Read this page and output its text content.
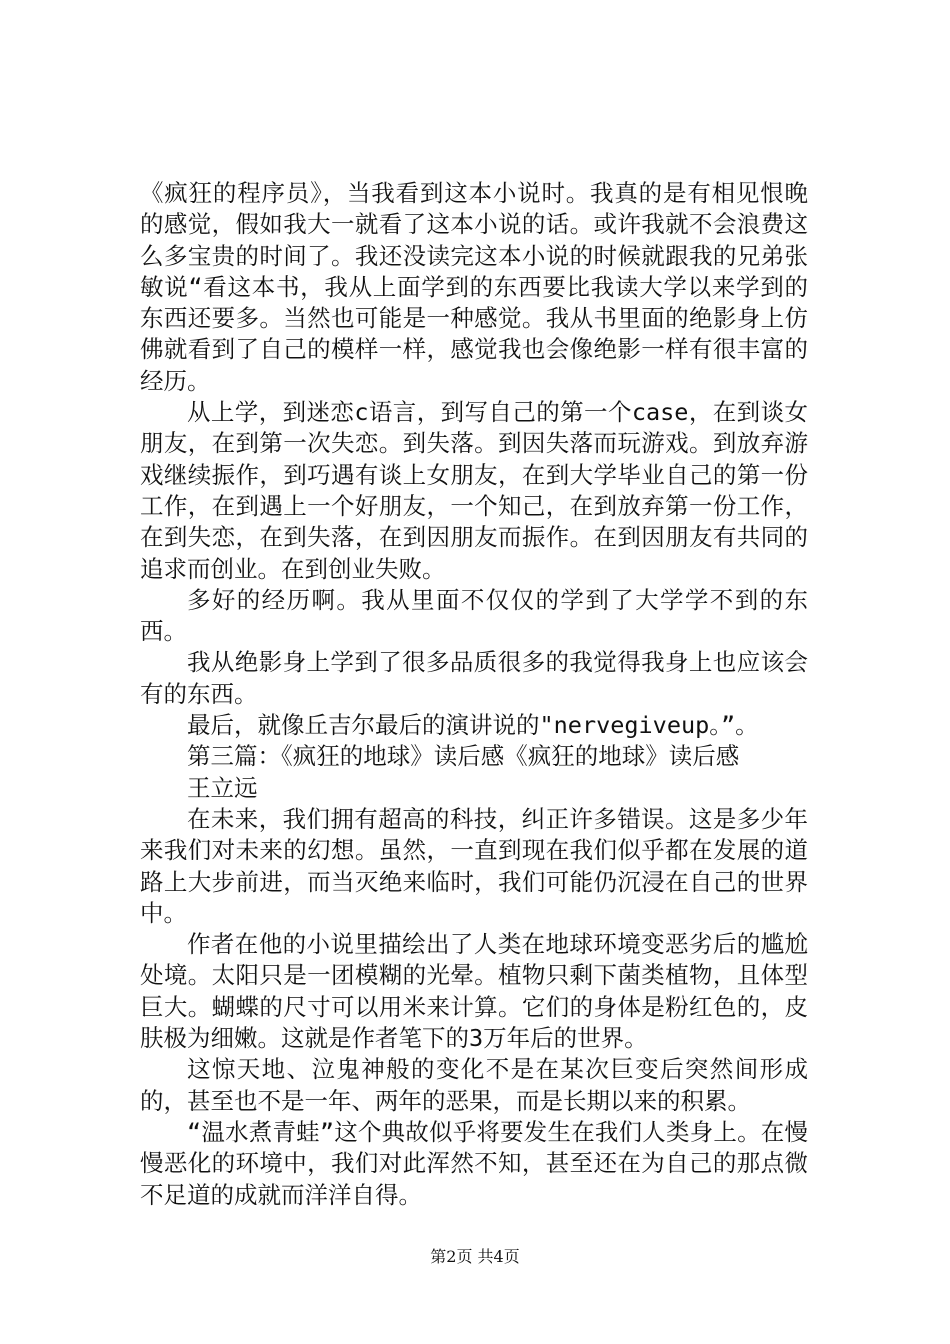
《疯狂的程序员》，当我看到这本小说时。我真的是有相见恨晚的感觉，假如我大一就看了这本小说的话。或许我就不会浪费这么多宝贵的时间了。我还没读完这本小说的时候就跟我的兄弟张敏说“看这本书，我从上面学到的东西要比我读大学以来学到的东西还要多。当然也可能是一种感觉。我从书里面的绝影身上仿佛就看到了自己的模样一样，感觉我也会像绝影一样有很丰富的经历。

从上学，到迷恋c语言，到写自己的第一个case，在到谈女朋友，在到第一次失恋。到失落。到因失落而玩游戏。到放弃游戏继续振作，到巧遇有谈上女朋友，在到大学毕业自己的第一份工作，在到遇上一个好朋友，一个知己，在到放弃第一份工作，在到失恋，在到失落，在到因朋友而振作。在到因朋友有共同的追求而创业。在到创业失败。

多好的经历啊。我从里面不仅仅的学到了大学学不到的东西。

我从绝影身上学到了很多品质很多的我觉得我身上也应该会有的东西。

最后，就像丘吉尔最后的演讲说的"nervegiveup。”。

第三篇：《疯狂的地球》读后感《疯狂的地球》读后感

王立远

在未来，我们拥有超高的科技，纠正许多错误。这是多少年来我们对未来的幻想。虽然，一直到现在我们似乎都在发展的道路上大步前进，而当灭绝来临时，我们可能仍沉浸在自己的世界中。

作者在他的小说里描绘出了人类在地球环境变恶劣后的尴尬处境。太阳只是一团模糊的光晕。植物只剩下菌类植物，且体型巨大。蝴蝶的尺寸可以用米来计算。它们的身体是粉红色的，皮肤极为细嫩。这就是作者笔下的3万年后的世界。

这惊天地、泣鬼神般的变化不是在某次巨变后突然间形成的，甚至也不是一年、两年的恶果，而是长期以来的积累。

“温水煮青蛙”这个典故似乎将要发生在我们人类身上。在慢慢恶化的环境中，我们对此浑然不知，甚至还在为自己的那点微不足道的成就而洋洋自得。

第2页 共4页
